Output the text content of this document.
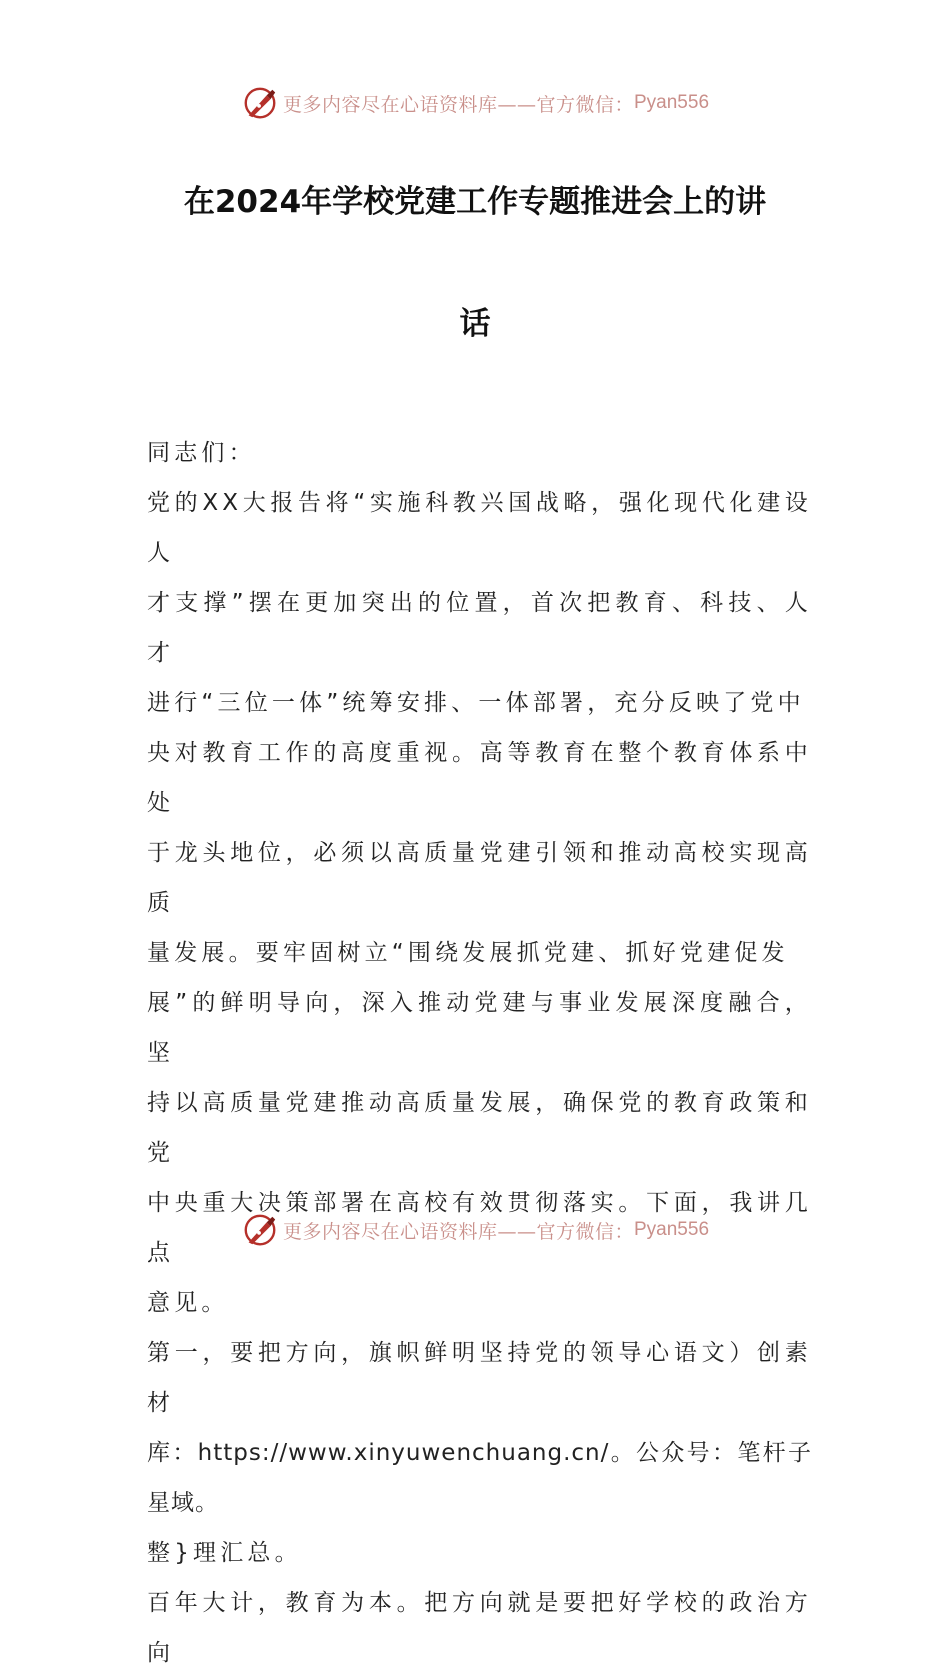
更多内容尽在心语资料库——官方微信： Pyan556
在2024年学校党建工作专题推进会上的讲
话

同志们：

党的XX大报告将“实施科教兴国战略，强化现代化建设人

才支撑”摆在更加突出的位置，首次把教育、科技、人才

进行“三位一体”统筹安排、一体部署，充分反映了党中

央对教育工作的高度重视。高等教育在整个教育体系中处

于龙头地位，必须以高质量党建引领和推动高校实现高质

量发展。要牢固树立“围绕发展抓党建、抓好党建促发

展”的鲜明导向，深入推动党建与事业发展深度融合，坚

持以高质量党建推动高质量发展，确保党的教育政策和党

中央重大决策部署在高校有效贯彻落实。下面，我讲几点

意见。

第一，要把方向，旗帜鲜明坚持党的领导心语文）创素材

库：https://www.xinyuwenchuang.cn/。公众号：笔杆子星域。

整}理汇总。

百年大计，教育为本。把方向就是要把好学校的政治方向

更多内容尽在心语资料库——官方微信： Pyan556
